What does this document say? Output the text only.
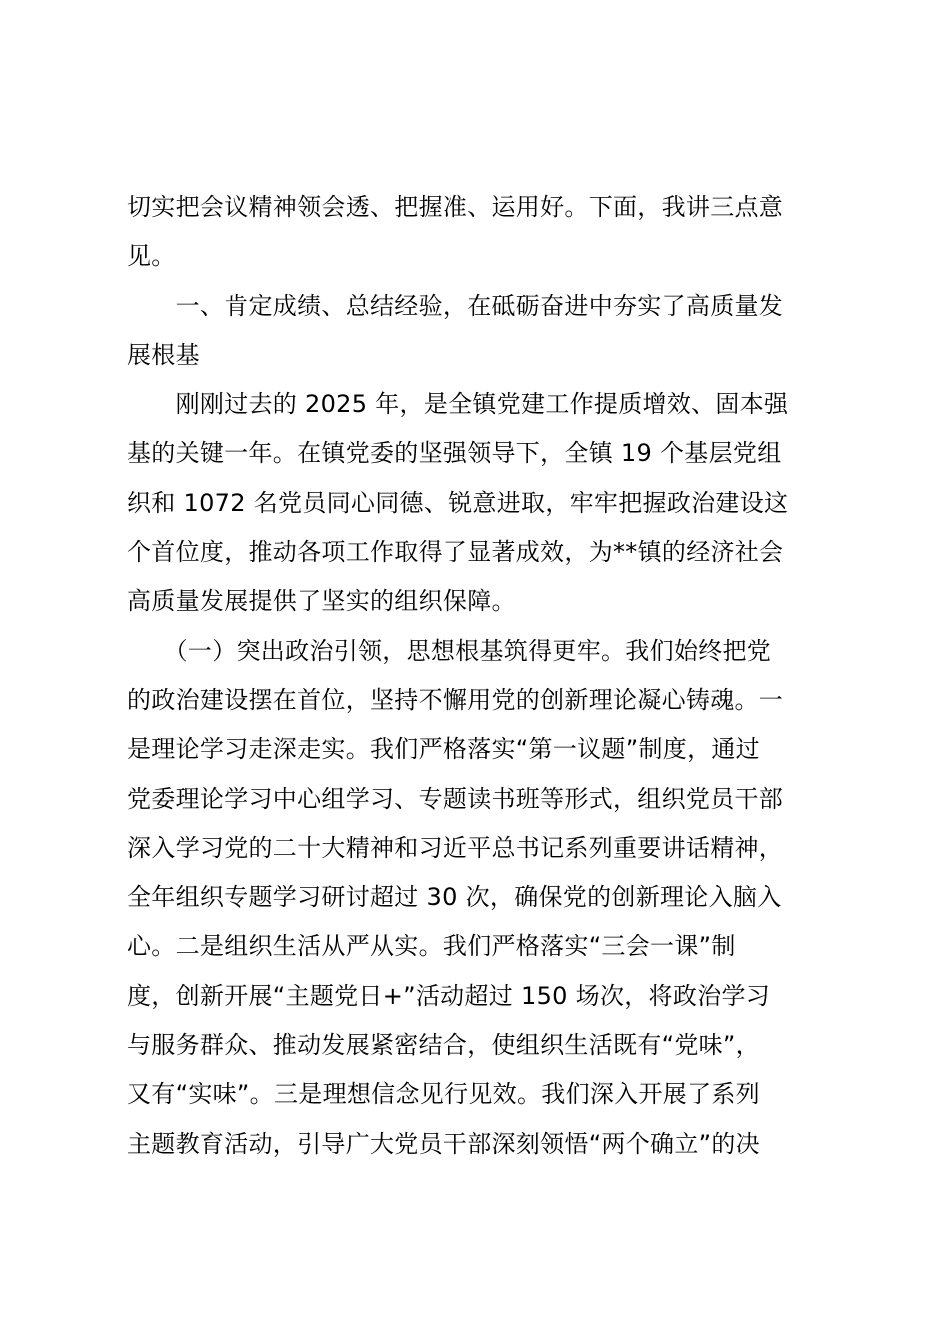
切实把会议精神领会透、把握准、运用好。下面，我讲三点意
见。
　　一、肯定成绩、总结经验，在砥砺奋进中夯实了高质量发
展根基
　　刚刚过去的 2025 年，是全镇党建工作提质增效、固本强
基的关键一年。在镇党委的坚强领导下，全镇 19 个基层党组
织和 1072 名党员同心同德、锐意进取，牢牢把握政治建设这
个首位度，推动各项工作取得了显著成效，为**镇的经济社会
高质量发展提供了坚实的组织保障。
　　（一）突出政治引领，思想根基筑得更牢。我们始终把党
的政治建设摆在首位，坚持不懈用党的创新理论凝心铸魂。一
是理论学习走深走实。我们严格落实“第一议题”制度，通过
党委理论学习中心组学习、专题读书班等形式，组织党员干部
深入学习党的二十大精神和习近平总书记系列重要讲话精神，
全年组织专题学习研讨超过 30 次，确保党的创新理论入脑入
心。二是组织生活从严从实。我们严格落实“三会一课”制
度，创新开展“主题党日+”活动超过 150 场次，将政治学习
与服务群众、推动发展紧密结合，使组织生活既有“党味”，
又有“实味”。三是理想信念见行见效。我们深入开展了系列
主题教育活动，引导广大党员干部深刻领悟“两个确立”的决
